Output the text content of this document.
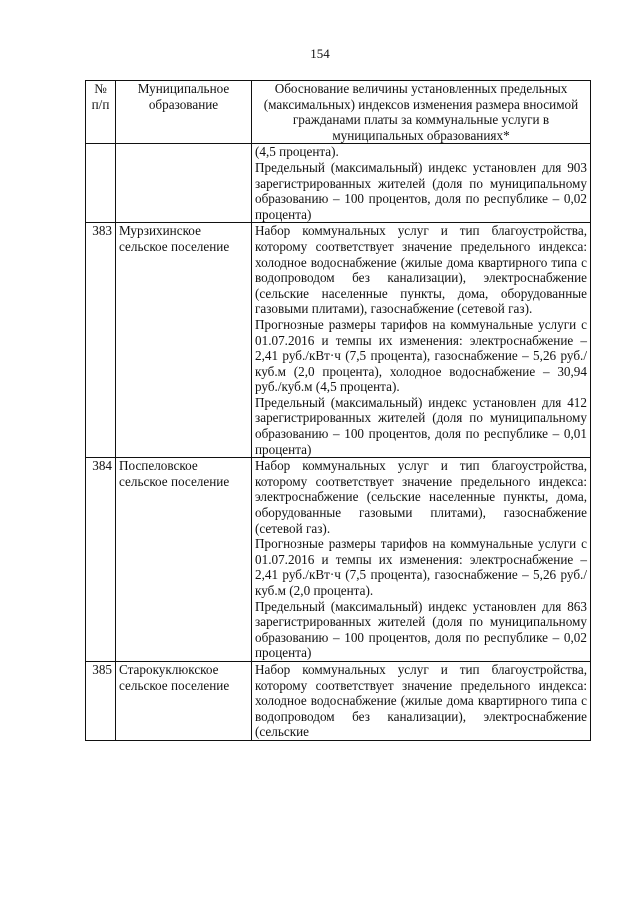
154
№ п/п	Муниципальное образование	Обоснование величины установленных предельных (максимальных) индексов изменения размера вносимой гражданами платы за коммунальные услуги в муниципальных образованиях*

		(4,5 процента).
Предельный (максимальный) индекс установлен для 903 зарегистрированных жителей (доля по муниципальному образованию – 100 процентов, доля по республике – 0,02 процента)

383	Мурзихинское сельское поселение	Набор коммунальных услуг и тип благоустройства, которому соответствует значение предельного индекса: холодное водоснабжение (жилые дома квартирного типа с водопроводом без канализации), электроснабжение (сельские населенные пункты, дома, оборудованные газовыми плитами), газоснабжение (сетевой газ).
Прогнозные размеры тарифов на коммунальные услуги с 01.07.2016 и темпы их изменения: электроснабжение – 2,41 руб./кВт·ч (7,5 процента), газоснабжение – 5,26 руб./куб.м (2,0 процента), холодное водоснабжение – 30,94 руб./куб.м (4,5 процента).
Предельный (максимальный) индекс установлен для 412 зарегистрированных жителей (доля по муниципальному образованию – 100 процентов, доля по республике – 0,01 процента)

384	Поспеловское сельское поселение	Набор коммунальных услуг и тип благоустройства, которому соответствует значение предельного индекса: электроснабжение (сельские населенные пункты, дома, оборудованные газовыми плитами), газоснабжение (сетевой газ).
Прогнозные размеры тарифов на коммунальные услуги с 01.07.2016 и темпы их изменения: электроснабжение – 2,41 руб./кВт·ч (7,5 процента), газоснабжение – 5,26 руб./куб.м (2,0 процента).
Предельный (максимальный) индекс установлен для 863 зарегистрированных жителей (доля по муниципальному образованию – 100 процентов, доля по республике – 0,02 процента)

385	Старокуклюкское сельское поселение	Набор коммунальных услуг и тип благоустройства, которому соответствует значение предельного индекса: холодное водоснабжение (жилые дома квартирного типа с водопроводом без канализации), электроснабжение (сельские
